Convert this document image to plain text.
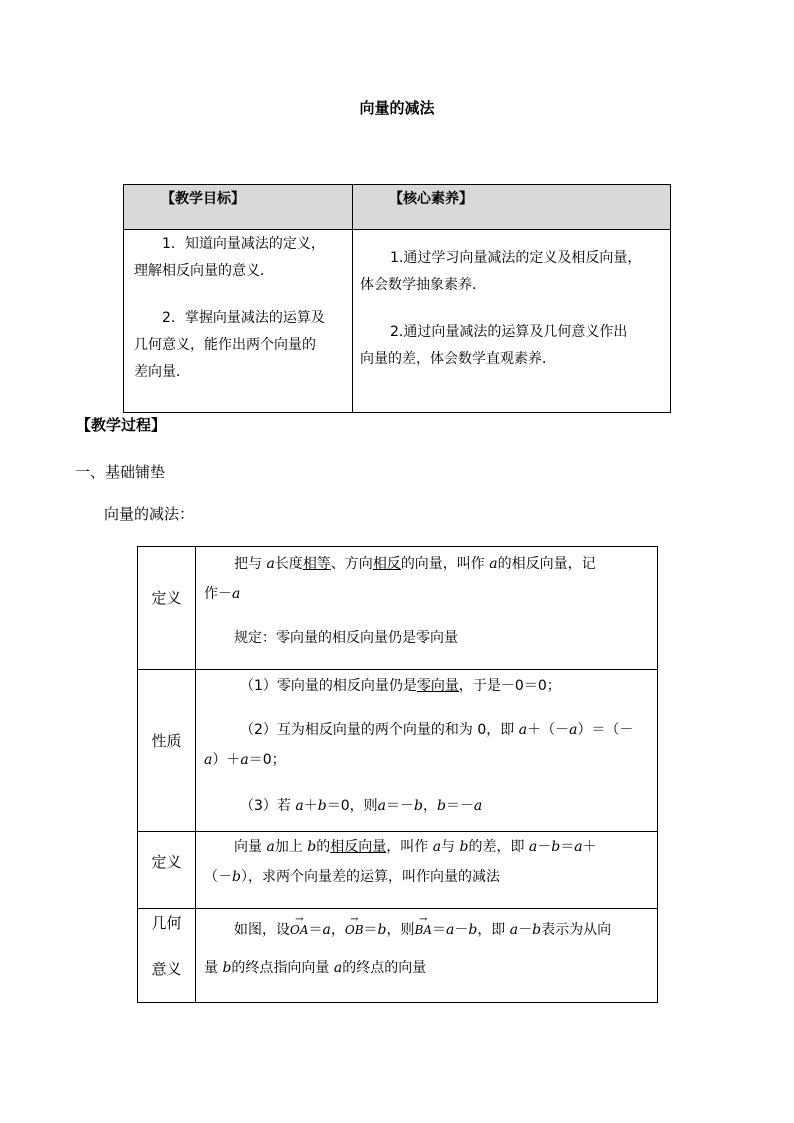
向量的减法
【教学目标】	【核心素养】
1．知道向量减法的定义，
理解相反向量的意义．
2．掌握向量减法的运算及
几何意义，能作出两个向量的
差向量．
1.通过学习向量减法的定义及相反向量，
体会数学抽象素养．
2.通过向量减法的运算及几何意义作出
向量的差，体会数学直观素养．
【教学过程】
一、基础铺垫
向量的减法：
定义
性质
定义
几何
意义
把与 a长度相等、方向相反的向量，叫作 a的相反向量，记
作－a
规定：零向量的相反向量仍是零向量
（1）零向量的相反向量仍是零向量，于是－0＝0；
（2）互为相反向量的两个向量的和为 0，即 a＋（－a）＝（－
a）＋a＝0；
（3）若 a＋b＝0，则a＝－b，b＝－a
向量 a加上 b的相反向量，叫作 a与 b的差，即 a－b＝a＋
（－b），求两个向量差的运算，叫作向量的减法
如图，设→ OA＝a，→ OB＝b，则→ BA＝a－b，即 a－b表示为从向
量 b的终点指向向量 a的终点的向量
